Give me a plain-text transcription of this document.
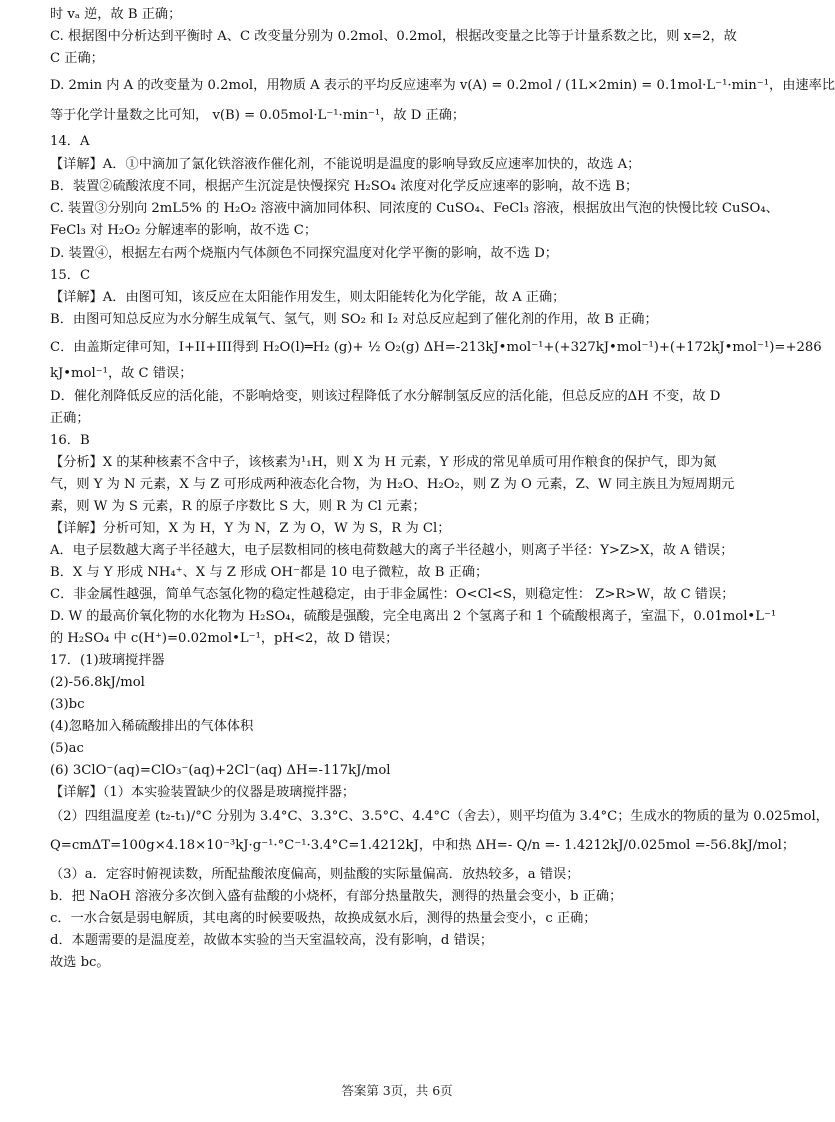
时 vₐ 逆，故 B 正确；
C. 根据图中分析达到平衡时 A、C 改变量分别为 0.2mol、0.2mol，根据改变量之比等于计量系数之比，则 x=2，故
C 正确；
D. 2min 内 A 的改变量为 0.2mol，用物质 A 表示的平均反应速率为 v(A) = 0.2mol / (1L×2min) = 0.1mol·L⁻¹·min⁻¹，由速率比
等于化学计量数之比可知， v(B) = 0.05mol·L⁻¹·min⁻¹，故 D 正确；
14．A
【详解】A．①中滴加了氯化铁溶液作催化剂，不能说明是温度的影响导致反应速率加快的，故选 A；
B．装置②硫酸浓度不同，根据产生沉淀是快慢探究 H₂SO₄ 浓度对化学反应速率的影响，故不选 B；
C. 装置③分别向 2mL5% 的 H₂O₂ 溶液中滴加同体积、同浓度的 CuSO₄、FeCl₃ 溶液，根据放出气泡的快慢比较 CuSO₄、
FeCl₃ 对 H₂O₂ 分解速率的影响，故不选 C；
D. 装置④，根据左右两个烧瓶内气体颜色不同探究温度对化学平衡的影响，故不选 D；
15．C
【详解】A．由图可知，该反应在太阳能作用发生，则太阳能转化为化学能，故 A 正确；
B．由图可知总反应为水分解生成氧气、氢气，则 SO₂ 和 I₂ 对总反应起到了催化剂的作用，故 B 正确；
C．由盖斯定律可知，I+II+III得到 H₂O(l)═H₂ (g)+ ½ O₂(g) ΔH=-213kJ•mol⁻¹+(+327kJ•mol⁻¹)+(+172kJ•mol⁻¹)=+286
kJ•mol⁻¹，故 C 错误；
D．催化剂降低反应的活化能，不影响焓变，则该过程降低了水分解制氢反应的活化能，但总反应的ΔH 不变，故 D
正确；
16．B
【分析】X 的某种核素不含中子，该核素为¹₁H，则 X 为 H 元素，Y 形成的常见单质可用作粮食的保护气，即为氮
气，则 Y 为 N 元素，X 与 Z 可形成两种液态化合物，为 H₂O、H₂O₂，则 Z 为 O 元素，Z、W 同主族且为短周期元
素，则 W 为 S 元素，R 的原子序数比 S 大，则 R 为 Cl 元素；
【详解】分析可知，X 为 H，Y 为 N，Z 为 O，W 为 S，R 为 Cl；
A．电子层数越大离子半径越大，电子层数相同的核电荷数越大的离子半径越小，则离子半径：Y>Z>X，故 A 错误；
B．X 与 Y 形成 NH₄⁺、X 与 Z 形成 OH⁻都是 10 电子微粒，故 B 正确；
C．非金属性越强，简单气态氢化物的稳定性越稳定，由于非金属性：O<Cl<S，则稳定性： Z>R>W，故 C 错误；
D. W 的最高价氧化物的水化物为 H₂SO₄，硫酸是强酸，完全电离出 2 个氢离子和 1 个硫酸根离子，室温下，0.01mol•L⁻¹
的 H₂SO₄ 中 c(H⁺)=0.02mol•L⁻¹，pH<2，故 D 错误；
17．(1)玻璃搅拌器
(2)-56.8kJ/mol
(3)bc
(4)忽略加入稀硫酸排出的气体体积
(5)ac
(6) 3ClO⁻(aq)=ClO₃⁻(aq)+2Cl⁻(aq) ΔH=-117kJ/mol
【详解】（1）本实验装置缺少的仪器是玻璃搅拌器；
（2）四组温度差 (t₂-t₁)/°C 分别为 3.4°C、3.3°C、3.5°C、4.4°C（舍去），则平均值为 3.4°C；生成水的物质的量为 0.025mol，
Q=cmΔT=100g×4.18×10⁻³kJ·g⁻¹·°C⁻¹·3.4°C=1.4212kJ，中和热 ΔH=- Q/n =- 1.4212kJ/0.025mol =-56.8kJ/mol；
（3）a．定容时俯视读数，所配盐酸浓度偏高，则盐酸的实际量偏高．放热较多，a 错误；
b．把 NaOH 溶液分多次倒入盛有盐酸的小烧杯，有部分热量散失，测得的热量会变小，b 正确；
c．一水合氨是弱电解质，其电离的时候要吸热，故换成氨水后，测得的热量会变小，c 正确；
d．本题需要的是温度差，故做本实验的当天室温较高，没有影响，d 错误；
故选 bc。
答案第 3页，共 6页
